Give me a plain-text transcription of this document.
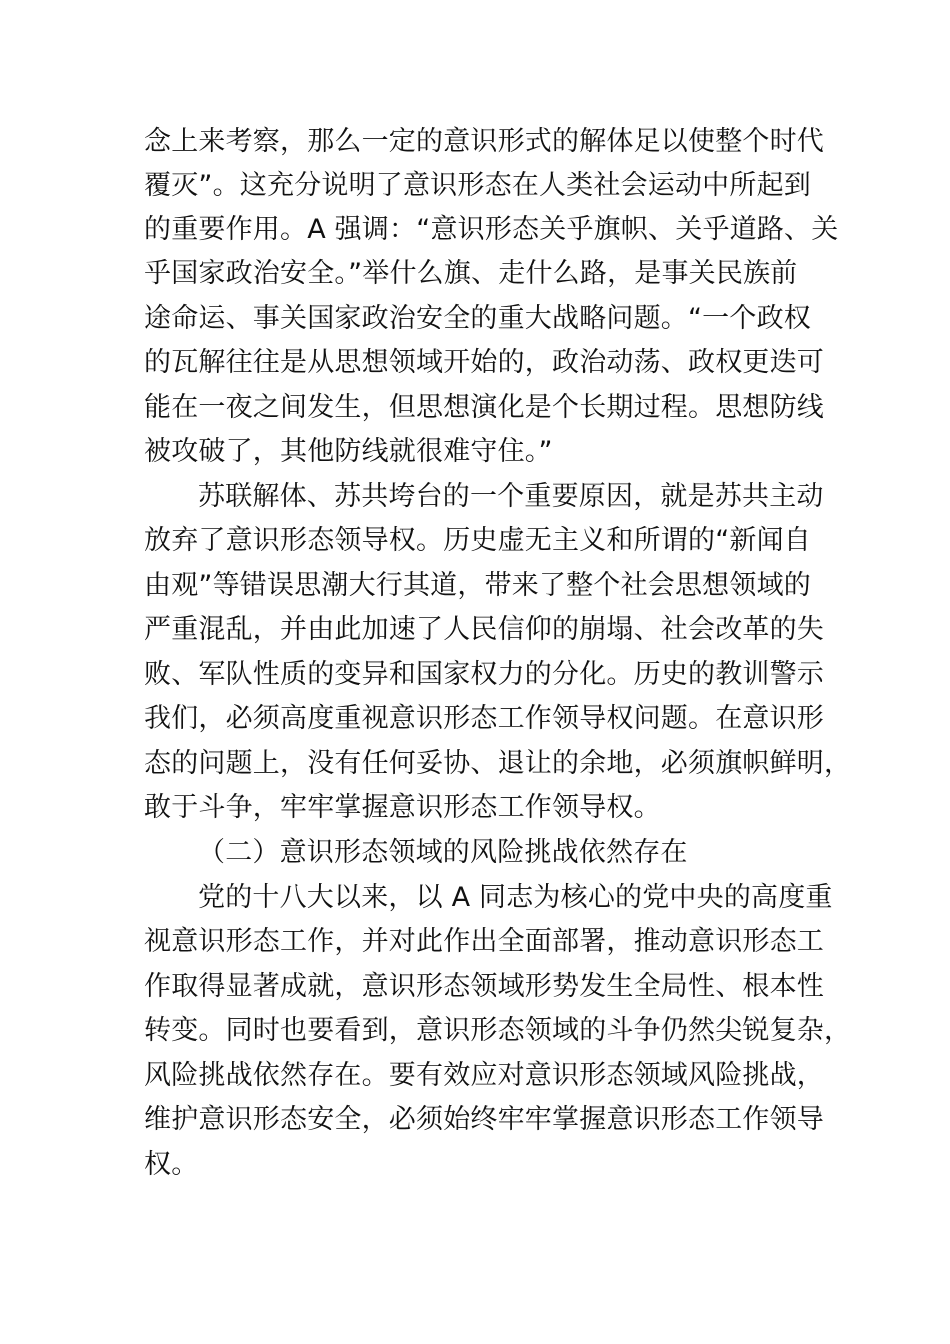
念上来考察，那么一定的意识形式的解体足以使整个时代
覆灭”。这充分说明了意识形态在人类社会运动中所起到
的重要作用。A 强调：“意识形态关乎旗帜、关乎道路、关
乎国家政治安全。”举什么旗、走什么路，是事关民族前
途命运、事关国家政治安全的重大战略问题。“一个政权
的瓦解往往是从思想领域开始的，政治动荡、政权更迭可
能在一夜之间发生，但思想演化是个长期过程。思想防线
被攻破了，其他防线就很难守住。”
苏联解体、苏共垮台的一个重要原因，就是苏共主动
放弃了意识形态领导权。历史虚无主义和所谓的“新闻自
由观”等错误思潮大行其道，带来了整个社会思想领域的
严重混乱，并由此加速了人民信仰的崩塌、社会改革的失
败、军队性质的变异和国家权力的分化。历史的教训警示
我们，必须高度重视意识形态工作领导权问题。在意识形
态的问题上，没有任何妥协、退让的余地，必须旗帜鲜明，
敢于斗争，牢牢掌握意识形态工作领导权。
（二）意识形态领域的风险挑战依然存在
党的十八大以来，以 A 同志为核心的党中央的高度重
视意识形态工作，并对此作出全面部署，推动意识形态工
作取得显著成就，意识形态领域形势发生全局性、根本性
转变。同时也要看到，意识形态领域的斗争仍然尖锐复杂，
风险挑战依然存在。要有效应对意识形态领域风险挑战，
维护意识形态安全，必须始终牢牢掌握意识形态工作领导
权。
